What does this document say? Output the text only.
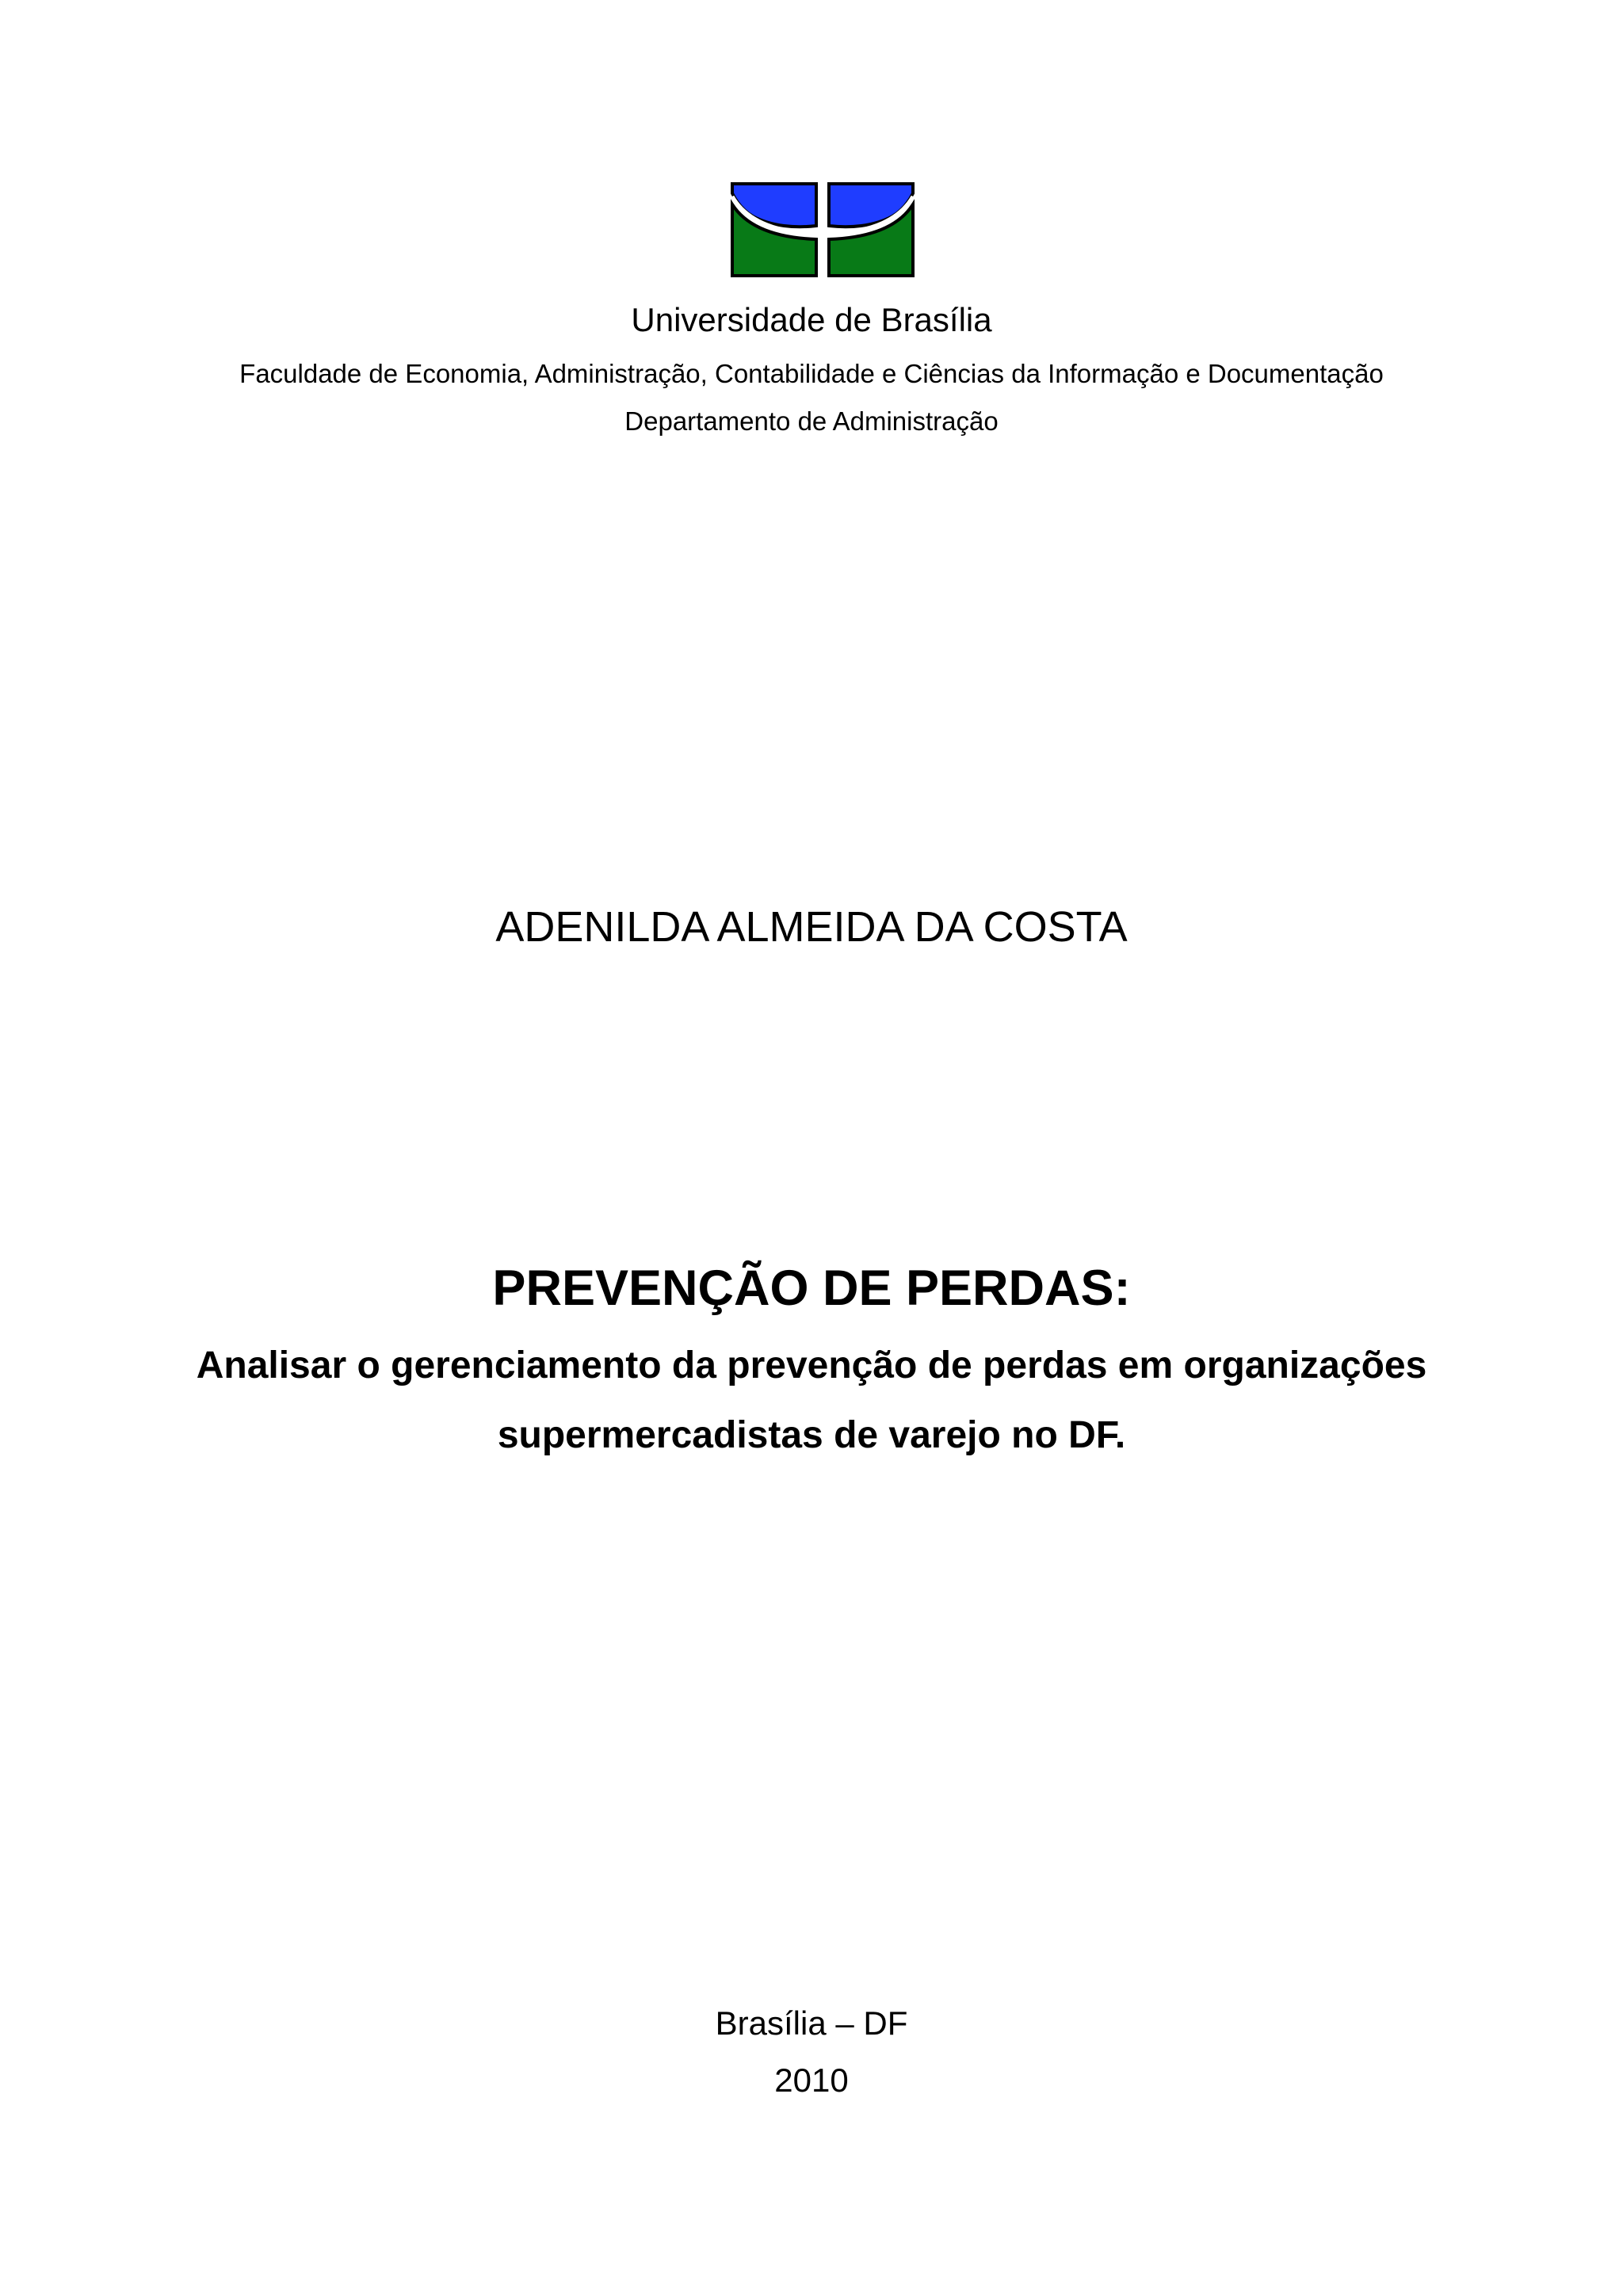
Universidade de Brasília
Faculdade de Economia, Administração, Contabilidade e Ciências da Informação e Documentação
Departamento de Administração
ADENILDA ALMEIDA DA COSTA
PREVENÇÃO DE PERDAS:
Analisar o gerenciamento da prevenção de perdas em organizações
supermercadistas de varejo no DF.
Brasília – DF
2010
